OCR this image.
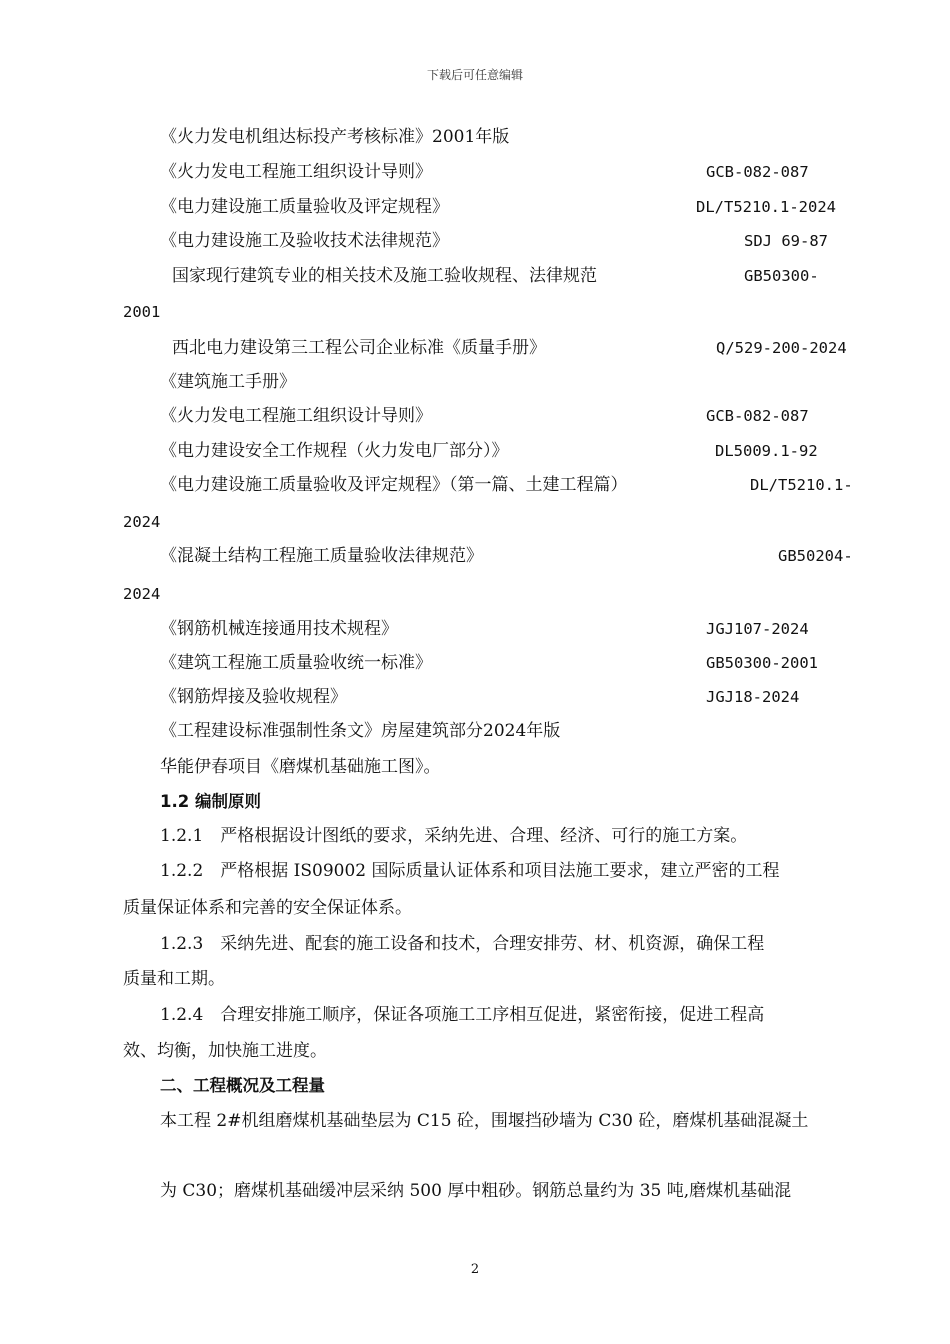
下载后可任意编辑
《火力发电机组达标投产考核标准》2001年版
《火力发电工程施工组织设计导则》	GCB-082-087
《电力建设施工质量验收及评定规程》	DL/T5210.1-2024
《电力建设施工及验收技术法律规范》	SDJ 69-87
国家现行建筑专业的相关技术及施工验收规程、法律规范	GB50300-
2001
西北电力建设第三工程公司企业标准《质量手册》	Q/529-200-2024
《建筑施工手册》
《火力发电工程施工组织设计导则》	GCB-082-087
《电力建设安全工作规程（火力发电厂部分）》	DL5009.1-92
《电力建设施工质量验收及评定规程》（第一篇、土建工程篇）	DL/T5210.1-
2024
《混凝土结构工程施工质量验收法律规范》	GB50204-
2024
《钢筋机械连接通用技术规程》	JGJ107-2024
《建筑工程施工质量验收统一标准》	GB50300-2001
《钢筋焊接及验收规程》	JGJ18-2024
《工程建设标准强制性条文》房屋建筑部分2024年版
华能伊春项目《磨煤机基础施工图》。
1.2 编制原则
1.2.1　严格根据设计图纸的要求，采纳先进、合理、经济、可行的施工方案。
1.2.2　严格根据 IS09002 国际质量认证体系和项目法施工要求，建立严密的工程
质量保证体系和完善的安全保证体系。
1.2.3　采纳先进、配套的施工设备和技术，合理安排劳、材、机资源，确保工程
质量和工期。
1.2.4　合理安排施工顺序，保证各项施工工序相互促进，紧密衔接，促进工程高
效、均衡，加快施工进度。
二、工程概况及工程量
本工程 2#机组磨煤机基础垫层为 C15 砼，围堰挡砂墙为 C30 砼，磨煤机基础混凝土
为 C30；磨煤机基础缓冲层采纳 500 厚中粗砂。钢筋总量约为 35 吨,磨煤机基础混
2
